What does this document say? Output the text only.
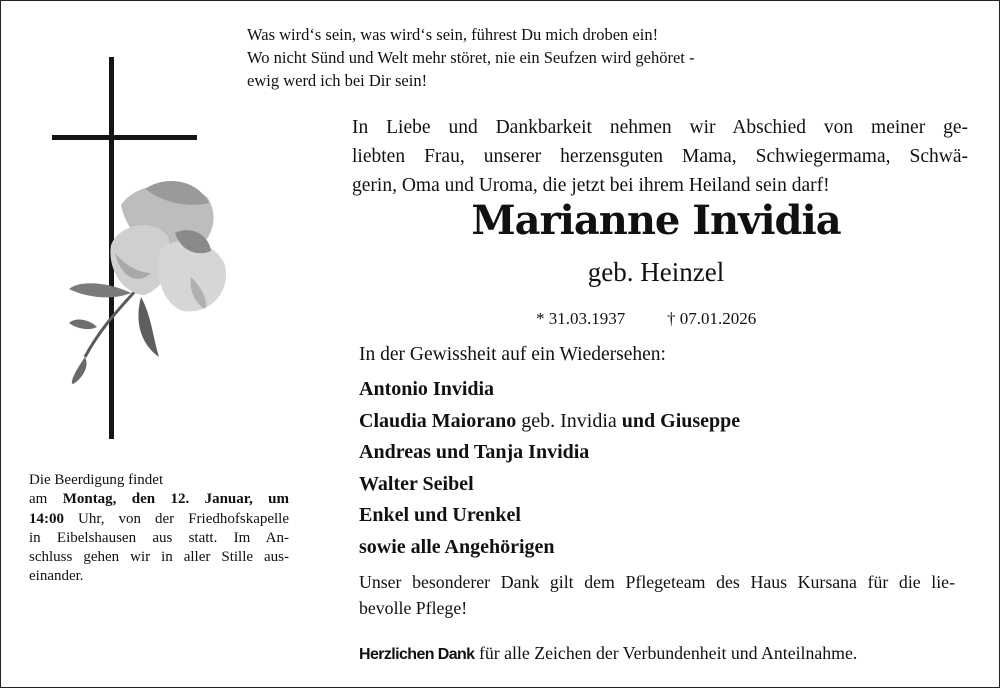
Was wird‘s sein, was wird‘s sein, führest Du mich droben ein!
Wo nicht Sünd und Welt mehr störet, nie ein Seufzen wird gehöret -
ewig werd ich bei Dir sein!
In Liebe und Dankbarkeit nehmen wir Abschied von meiner ge-
liebten Frau, unserer herzensguten Mama, Schwiegermama, Schwä-
gerin, Oma und Uroma, die jetzt bei ihrem Heiland sein darf!
Marianne Invidia
geb. Heinzel
* 31.03.1937 † 07.01.2026
In der Gewissheit auf ein Wiedersehen:
Antonio Invidia
Claudia Maiorano geb. Invidia und Giuseppe
Andreas und Tanja Invidia
Walter Seibel
Enkel und Urenkel
sowie alle Angehörigen
Unser besonderer Dank gilt dem Pflegeteam des Haus Kursana für die lie-
bevolle Pflege!
Herzlichen Dank für alle Zeichen der Verbundenheit und Anteilnahme.
Die Beerdigung findet
am Montag, den 12. Januar, um
14:00 Uhr, von der Friedhofskapelle
in Eibelshausen aus statt. Im An-
schluss gehen wir in aller Stille aus-
einander.
